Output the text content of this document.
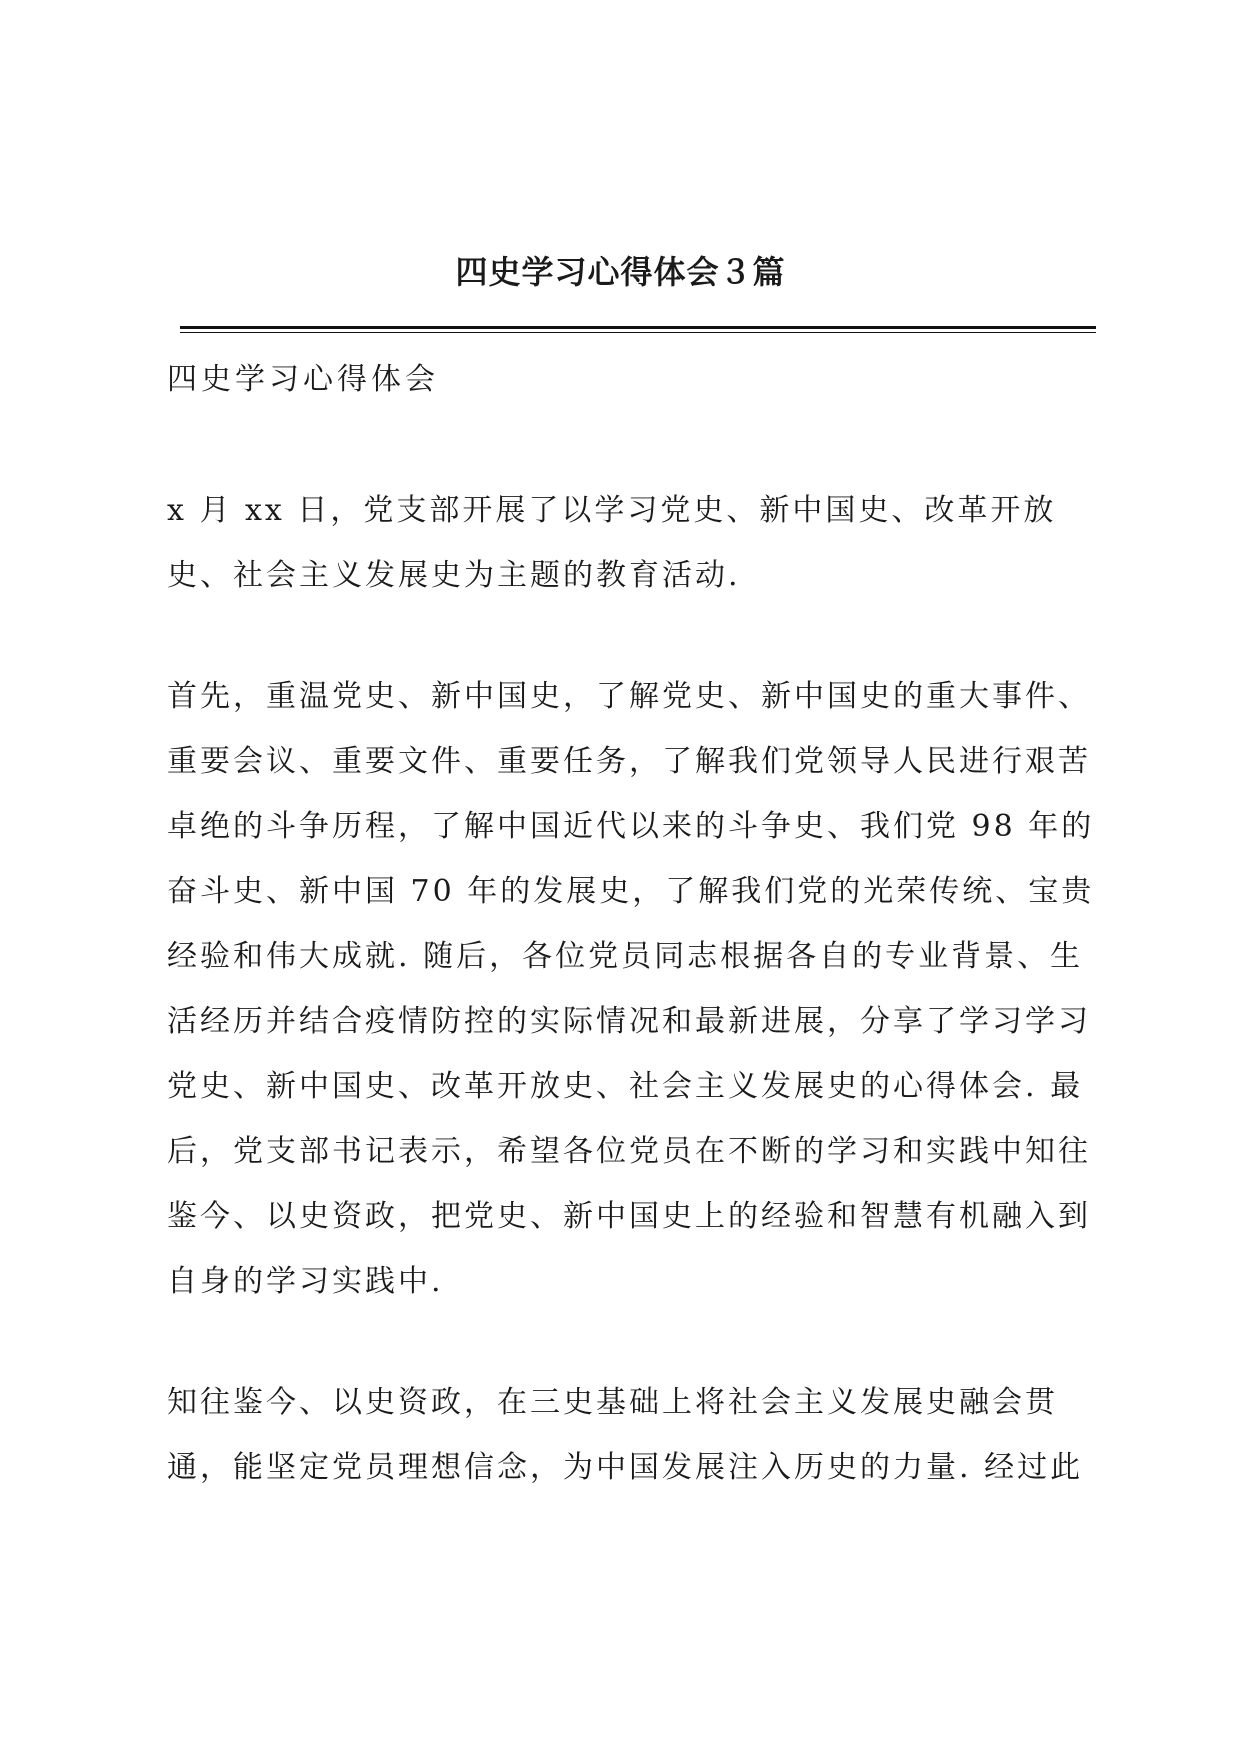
四史学习心得体会３篇
四史学习心得体会

x 月 xx 日，党支部开展了以学习党史、新中国史、改革开放
史、社会主义发展史为主题的教育活动.

首先，重温党史、新中国史，了解党史、新中国史的重大事件、
重要会议、重要文件、重要任务，了解我们党领导人民进行艰苦
卓绝的斗争历程，了解中国近代以来的斗争史、我们党 98 年的
奋斗史、新中国 70 年的发展史，了解我们党的光荣传统、宝贵
经验和伟大成就. 随后，各位党员同志根据各自的专业背景、生
活经历并结合疫情防控的实际情况和最新进展，分享了学习学习
党史、新中国史、改革开放史、社会主义发展史的心得体会. 最
后，党支部书记表示，希望各位党员在不断的学习和实践中知往
鉴今、以史资政，把党史、新中国史上的经验和智慧有机融入到
自身的学习实践中.

知往鉴今、以史资政，在三史基础上将社会主义发展史融会贯
通，能坚定党员理想信念，为中国发展注入历史的力量. 经过此
